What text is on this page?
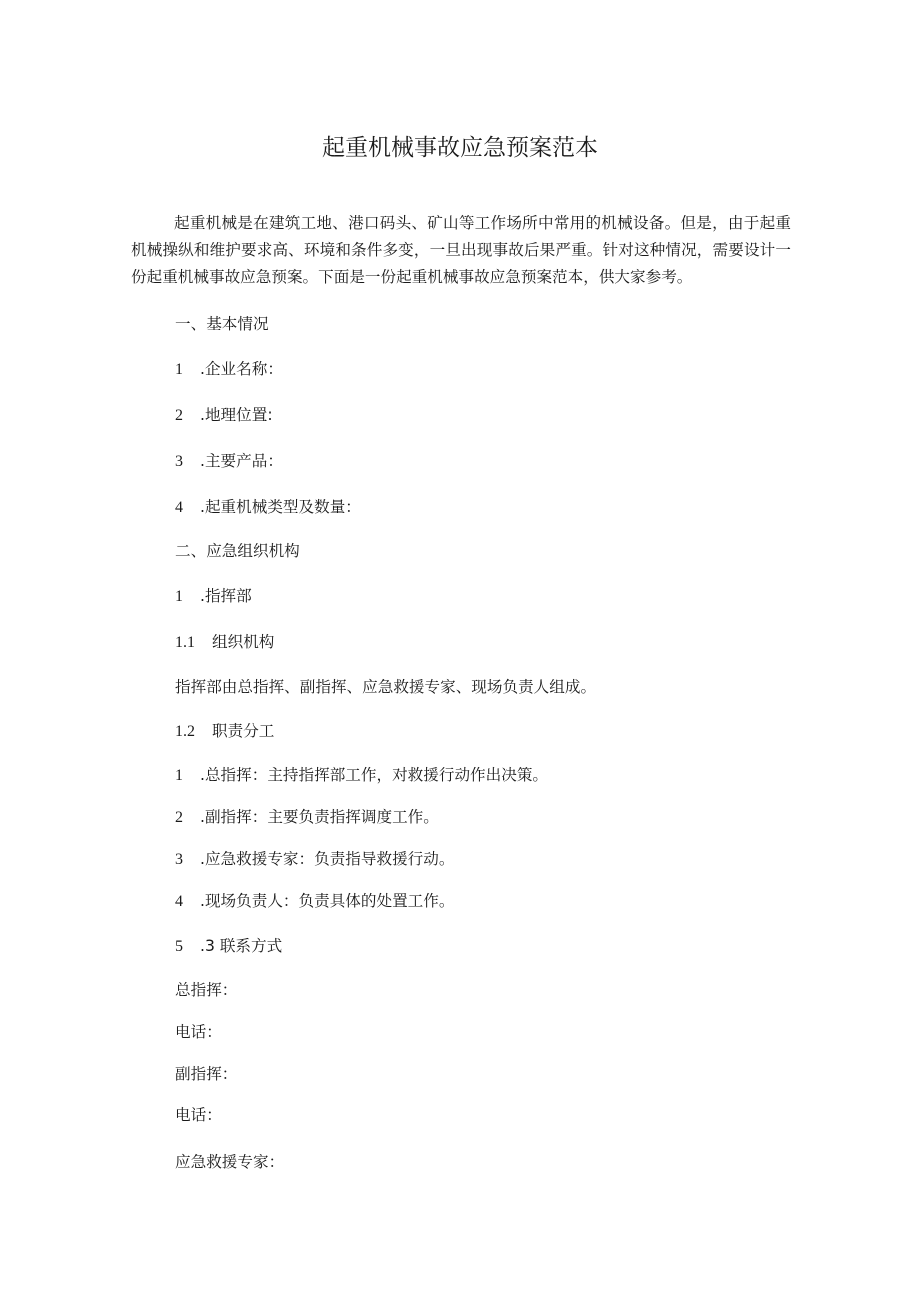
起重机械事故应急预案范本

起重机械是在建筑工地、港口码头、矿山等工作场所中常用的机械设备。但是，由于起重机械操纵和维护要求高、环境和条件多变，一旦出现事故后果严重。针对这种情况，需要设计一份起重机械事故应急预案。下面是一份起重机械事故应急预案范本，供大家参考。

一、基本情况

1 .企业名称：

2 .地理位置:

3 .主要产品：

4 .起重机械类型及数量：

二、应急组织机构

1 .指挥部

1.1 组织机构

指挥部由总指挥、副指挥、应急救援专家、现场负责人组成。

1.2 职责分工

1 .总指挥：主持指挥部工作，对救援行动作出决策。

2 .副指挥：主要负责指挥调度工作。

3 .应急救援专家：负责指导救援行动。

4 .现场负责人：负责具体的处置工作。

5 .3 联系方式

总指挥：

电话：

副指挥：

电话：

应急救援专家：
